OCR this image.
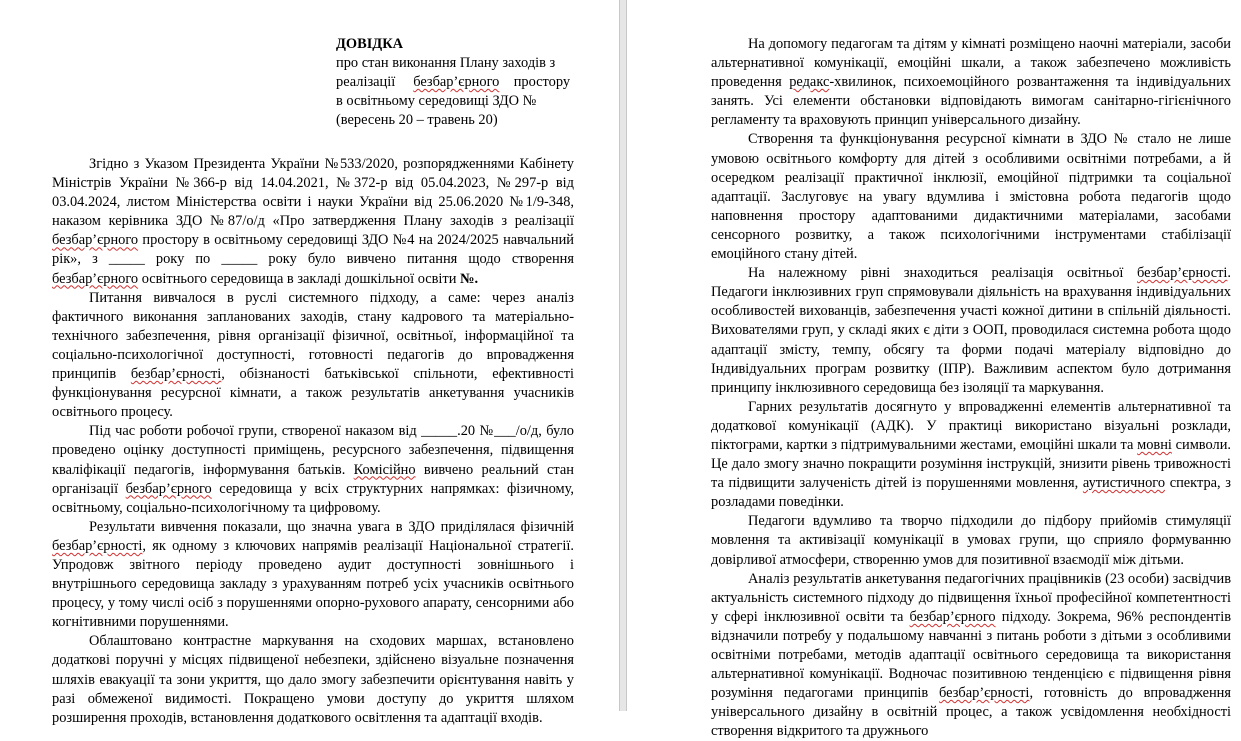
ДОВІДКА

про стан виконання Плану заходів з

реалізації     безбар’єрного    простору

в освітньому середовищі ЗДО №

(вересень 20 – травень 20)

Згідно з Указом Президента України №533/2020, розпорядженнями Кабінету Міністрів України №366-р від 14.04.2021, №372-р від 05.04.2023, №297-р від 03.04.2024, листом Міністерства освіти і науки України від 25.06.2020 №1/9-348, наказом керівника ЗДО №87/о/д «Про затвердження Плану заходів з реалізації безбар’єрного простору в освітньому середовищі ЗДО №4 на 2024/2025 навчальний рік», з _____ року по _____ року було вивчено питання щодо створення безбар’єрного освітнього середовища в закладі дошкільної освіти №.

Питання вивчалося в руслі системного підходу, а саме: через аналіз фактичного виконання запланованих заходів, стану кадрового та матеріально-технічного забезпечення, рівня організації фізичної, освітньої, інформаційної та соціально-психологічної доступності, готовності педагогів до впровадження принципів безбар’єрності, обізнаності батьківської спільноти, ефективності функціонування ресурсної кімнати, а також результатів анкетування учасників освітнього процесу.

Під час роботи робочої групи, створеної наказом від _____.20 №___/о/д, було проведено оцінку доступності приміщень, ресурсного забезпечення, підвищення кваліфікації педагогів, інформування батьків. Комісійно вивчено реальний стан організації безбар’єрного середовища у всіх структурних напрямках: фізичному, освітньому, соціально-психологічному та цифровому.

Результати вивчення показали, що значна увага в ЗДО приділялася фізичній безбар’єрності, як одному з ключових напрямів реалізації Національної стратегії. Упродовж звітного періоду проведено аудит доступності зовнішнього і внутрішнього середовища закладу з урахуванням потреб усіх учасників освітнього процесу, у тому числі осіб з порушеннями опорно-рухового апарату, сенсорними або когнітивними порушеннями.

Облаштовано контрастне маркування на сходових маршах, встановлено додаткові поручні у місцях підвищеної небезпеки, здійснено візуальне позначення шляхів евакуації та зони укриття, що дало змогу забезпечити орієнтування навіть у разі обмеженої видимості. Покращено умови доступу до укриття шляхом розширення проходів, встановлення додаткового освітлення та адаптації входів.

На допомогу педагогам та дітям у кімнаті розміщено наочні матеріали, засоби альтернативної комунікації, емоційні шкали, а також забезпечено можливість проведення редакс-хвилинок, психоемоційного розвантаження та індивідуальних занять. Усі елементи обстановки відповідають вимогам санітарно-гігієнічного регламенту та враховують принцип універсального дизайну.

Створення та функціонування ресурсної кімнати в ЗДО № стало не лише умовою освітнього комфорту для дітей з особливими освітніми потребами, а й осередком реалізації практичної інклюзії, емоційної підтримки та соціальної адаптації. Заслуговує на увагу вдумлива і змістовна робота педагогів щодо наповнення простору адаптованими дидактичними матеріалами, засобами сенсорного розвитку, а також психологічними інструментами стабілізації емоційного стану дітей.

На належному рівні знаходиться реалізація освітньої безбар’єрності. Педагоги інклюзивних груп спрямовували діяльність на врахування індивідуальних особливостей вихованців, забезпечення участі кожної дитини в спільній діяльності. Вихователями груп, у складі яких є діти з ООП, проводилася системна робота щодо адаптації змісту, темпу, обсягу та форми подачі матеріалу відповідно до Індивідуальних програм розвитку (ІПР). Важливим аспектом було дотримання принципу інклюзивного середовища без ізоляції та маркування.

Гарних результатів досягнуто у впровадженні елементів альтернативної та додаткової комунікації (АДК). У практиці використано візуальні розклади, піктограми, картки з підтримувальними жестами, емоційні шкали та мовні символи. Це дало змогу значно покращити розуміння інструкцій, знизити рівень тривожності та підвищити залученість дітей із порушеннями мовлення, аутистичного спектра, з розладами поведінки.

Педагоги вдумливо та творчо підходили до підбору прийомів стимуляції мовлення та активізації комунікації в умовах групи, що сприяло формуванню довірливої атмосфери, створенню умов для позитивної взаємодії між дітьми.

Аналіз результатів анкетування педагогічних працівників (23 особи) засвідчив актуальність системного підходу до підвищення їхньої професійної компетентності у сфері інклюзивної освіти та безбар’єрного підходу. Зокрема, 96% респондентів відзначили потребу у подальшому навчанні з питань роботи з дітьми з особливими освітніми потребами, методів адаптації освітнього середовища та використання альтернативної комунікації. Водночас позитивною тенденцією є підвищення рівня розуміння педагогами принципів безбар’єрності, готовність до впровадження універсального дизайну в освітній процес, а також усвідомлення необхідності створення відкритого та дружнього
